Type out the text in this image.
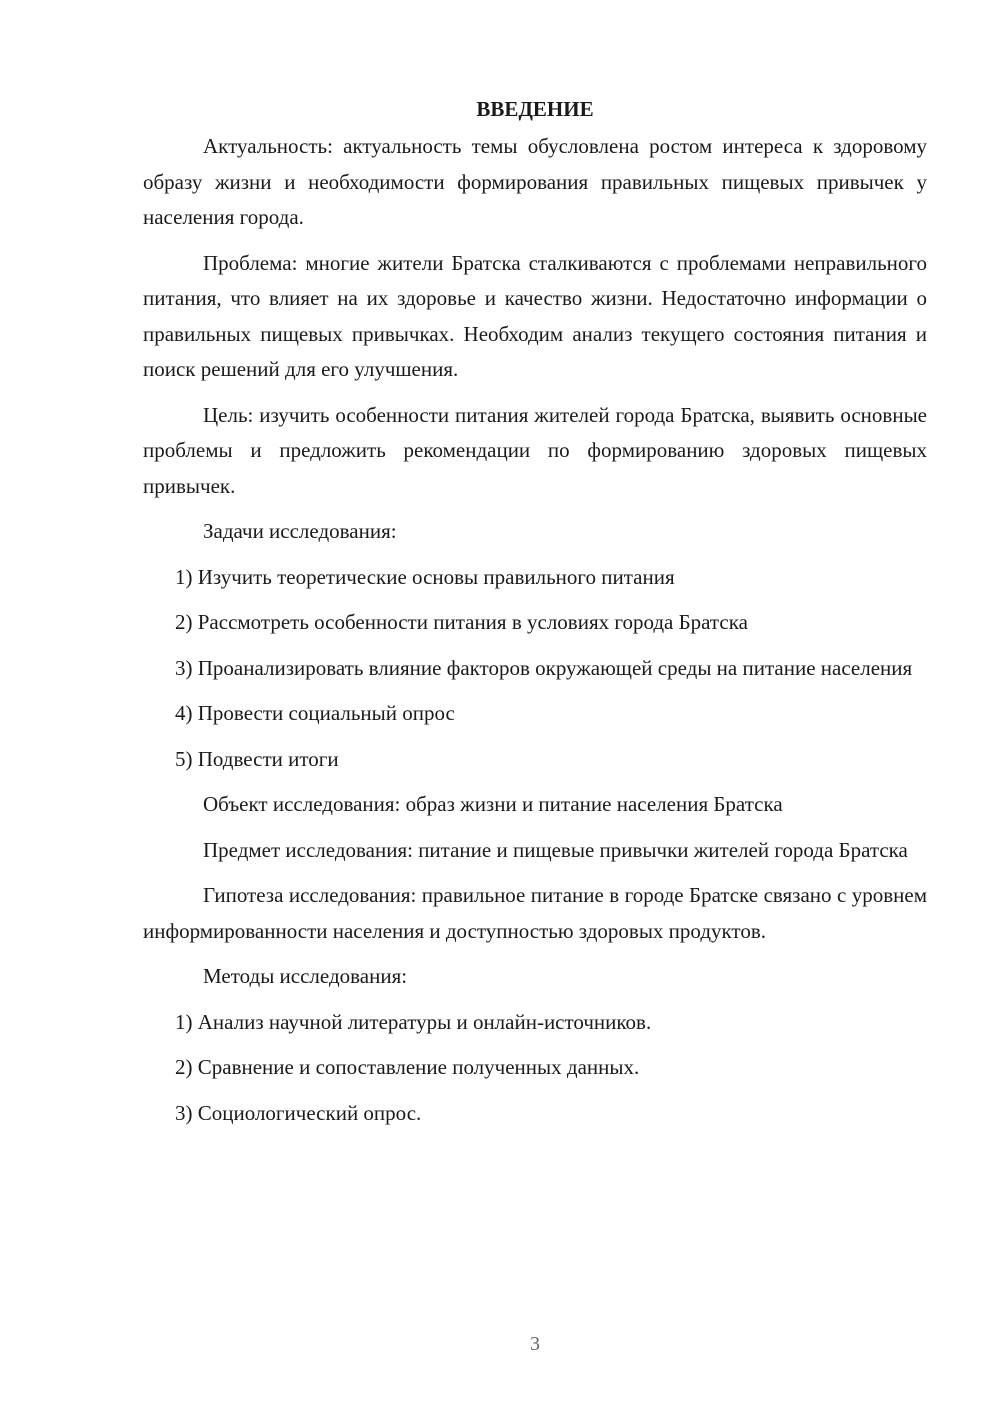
ВВЕДЕНИЕ

Актуальность: актуальность темы обусловлена ростом интереса к здоровому образу жизни и необходимости формирования правильных пищевых привычек у населения города.

Проблема: многие жители Братска сталкиваются с проблемами неправильного питания, что влияет на их здоровье и качество жизни. Недостаточно информации о правильных пищевых привычках. Необходим анализ текущего состояния питания и поиск решений для его улучшения.

Цель: изучить особенности питания жителей города Братска, выявить основные проблемы и предложить рекомендации по формированию здоровых пищевых привычек.

Задачи исследования:

1) Изучить теоретические основы правильного питания

2) Рассмотреть особенности питания в условиях города Братска

3) Проанализировать влияние факторов окружающей среды на питание населения

4) Провести социальный опрос

5) Подвести итоги

Объект исследования: образ жизни и питание населения Братска

Предмет исследования: питание и пищевые привычки жителей города Братска

Гипотеза исследования: правильное питание в городе Братске связано с уровнем информированности населения и доступностью здоровых продуктов.

Методы исследования:

1) Анализ научной литературы и онлайн-источников.

2) Сравнение и сопоставление полученных данных.

3) Социологический опрос.

3
